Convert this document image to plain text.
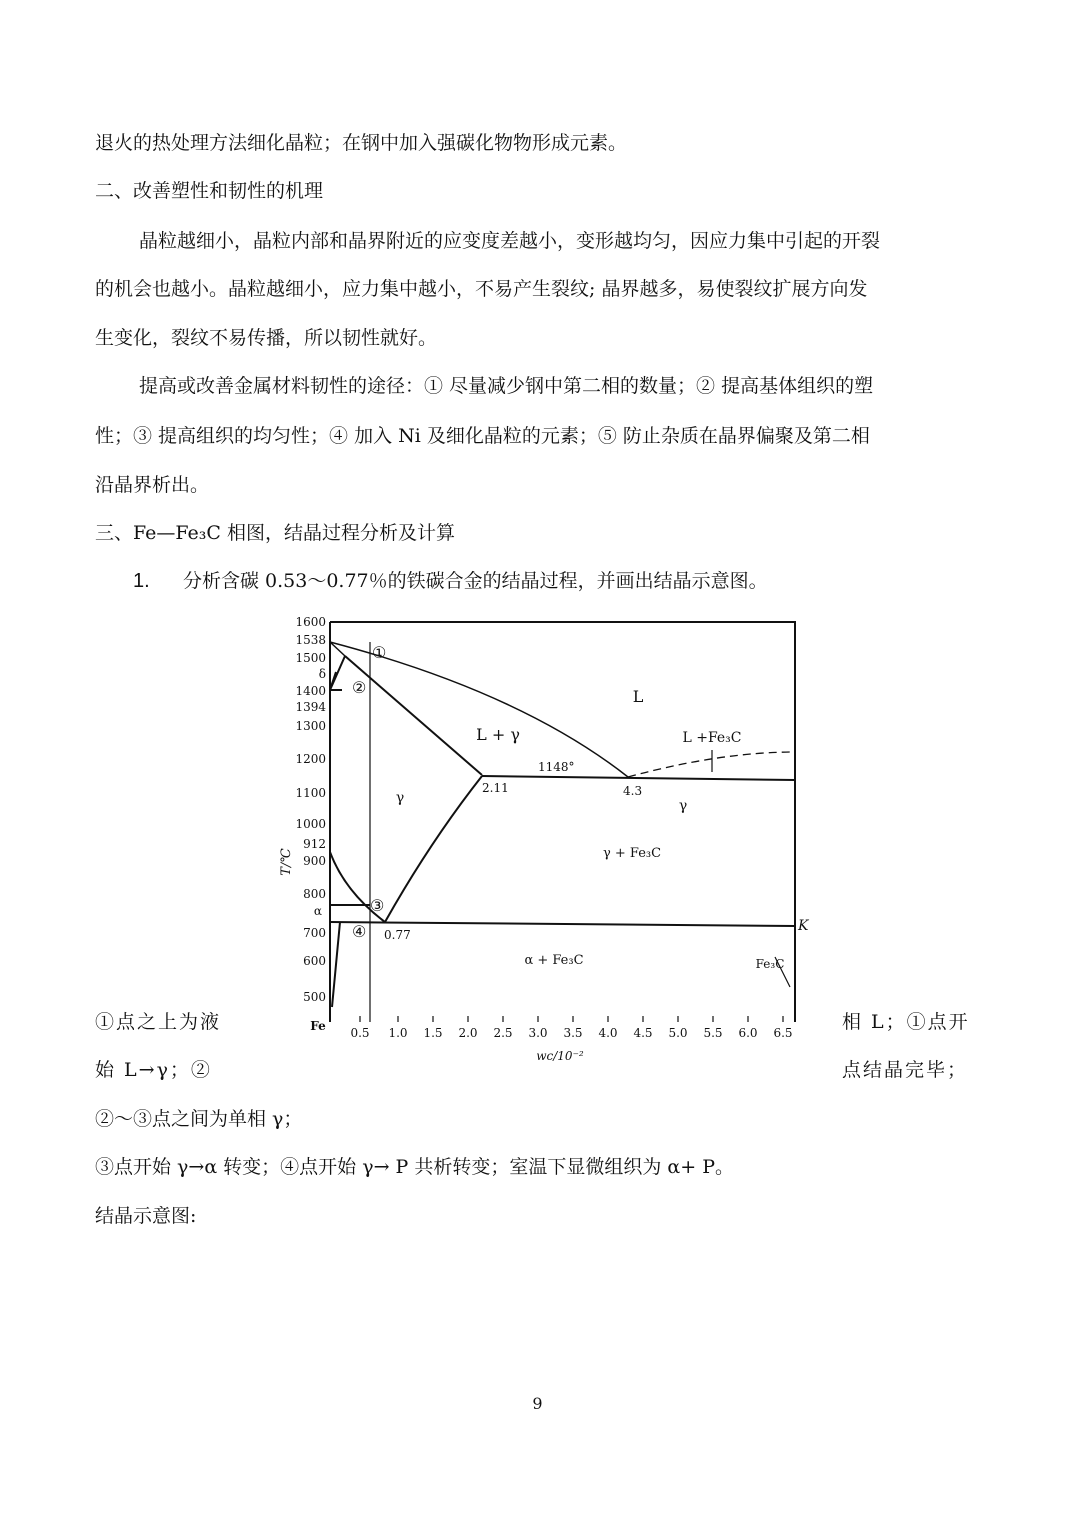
退火的热处理方法细化晶粒；在钢中加入强碳化物物形成元素。
二、改善塑性和韧性的机理
晶粒越细小，晶粒内部和晶界附近的应变度差越小，变形越均匀，因应力集中引起的开裂
的机会也越小。晶粒越细小，应力集中越小，不易产生裂纹; 晶界越多，易使裂纹扩展方向发
生变化，裂纹不易传播，所以韧性就好。
提高或改善金属材料韧性的途径：① 尽量减少钢中第二相的数量；② 提高基体组织的塑
性；③ 提高组织的均匀性；④ 加入 Ni 及细化晶粒的元素；⑤ 防止杂质在晶界偏聚及第二相
沿晶界析出。
三、Fe—Fe₃C 相图，结晶过程分析及计算
1. 分析含碳 0.53～0.77％的铁碳合金的结晶过程，并画出结晶示意图。
①点之上为液	相 L；①点开
始 L→γ；②	点结晶完毕；
②～③点之间为单相 γ；
③点开始 γ→α 转变；④点开始 γ→ P 共析转变；室温下显微组织为 α+ P。
结晶示意图:
1600
1538
1500
δ
1400
1394
1300
1200
1100
1000
912
900
800
α
700
600
500
Fe 0.5 1.0 1.5 2.0 2.5 3.0 3.5 4.0 4.5 5.0 5.5 6.0 6.5
wc/10⁻²
T/℃
L
L + γ	L +Fe₃C
γ	γ
γ + Fe₃C
α + Fe₃C	Fe₃C
1148°
2.11	4.3
0.77
K
①
②
③
④
9
